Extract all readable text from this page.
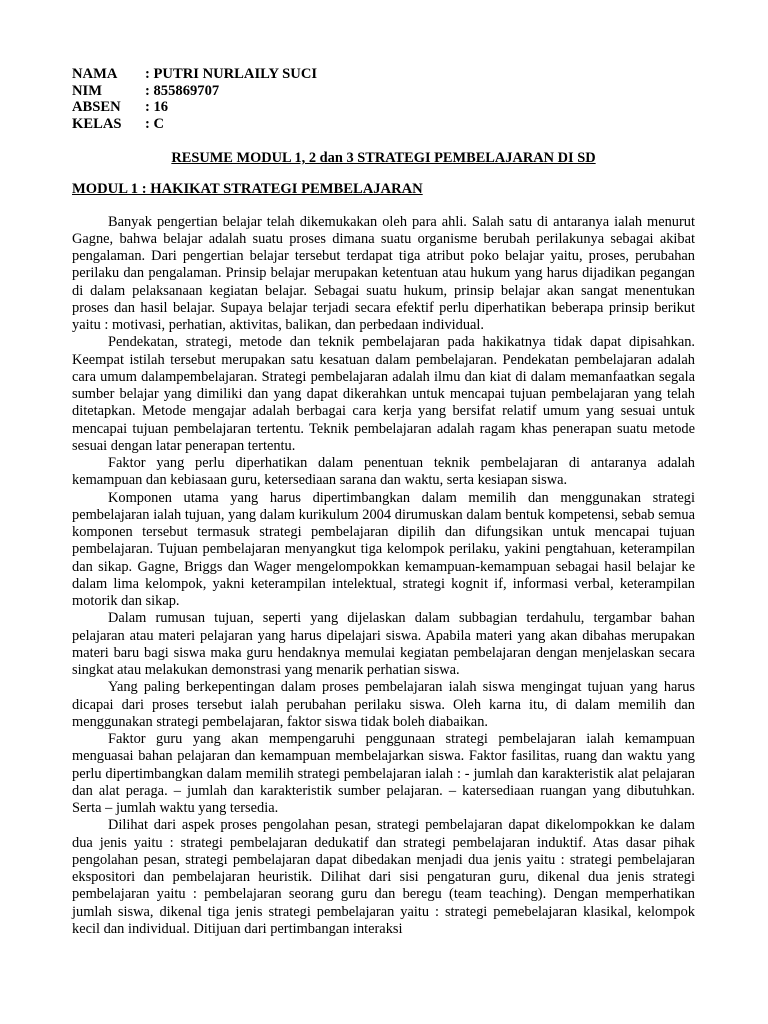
NAMA	: PUTRI NURLAILY SUCI
NIM	: 855869707
ABSEN	: 16
KELAS	: C
RESUME MODUL 1, 2 dan 3 STRATEGI PEMBELAJARAN DI SD
MODUL 1 : HAKIKAT STRATEGI PEMBELAJARAN

Banyak pengertian belajar telah dikemukakan oleh para ahli. Salah satu di antaranya ialah menurut Gagne, bahwa belajar adalah suatu proses dimana suatu organisme berubah perilakunya sebagai akibat pengalaman. Dari pengertian belajar tersebut terdapat tiga atribut poko belajar yaitu, proses, perubahan perilaku dan pengalaman. Prinsip belajar merupakan ketentuan atau hukum yang harus dijadikan pegangan di dalam pelaksanaan kegiatan belajar. Sebagai suatu hukum, prinsip belajar akan sangat menentukan proses dan hasil belajar. Supaya belajar terjadi secara efektif perlu diperhatikan beberapa prinsip berikut yaitu : motivasi, perhatian, aktivitas, balikan, dan perbedaan individual.

Pendekatan, strategi, metode dan teknik pembelajaran pada hakikatnya tidak dapat dipisahkan. Keempat istilah tersebut merupakan satu kesatuan dalam pembelajaran. Pendekatan pembelajaran adalah cara umum dalampembelajaran. Strategi pembelajaran adalah ilmu dan kiat di dalam memanfaatkan segala sumber belajar yang dimiliki dan yang dapat dikerahkan untuk mencapai tujuan pembelajaran yang telah ditetapkan. Metode mengajar adalah berbagai cara kerja yang bersifat relatif umum yang sesuai untuk mencapai tujuan pembelajaran tertentu. Teknik pembelajaran adalah ragam khas penerapan suatu metode sesuai dengan latar penerapan tertentu.

Faktor yang perlu diperhatikan dalam penentuan teknik pembelajaran di antaranya adalah kemampuan dan kebiasaan guru, ketersediaan sarana dan waktu, serta kesiapan siswa.

Komponen utama yang harus dipertimbangkan dalam memilih dan menggunakan strategi pembelajaran ialah tujuan, yang dalam kurikulum 2004 dirumuskan dalam bentuk kompetensi, sebab semua komponen tersebut termasuk strategi pembelajaran dipilih dan difungsikan untuk mencapai tujuan pembelajaran. Tujuan pembelajaran menyangkut tiga kelompok perilaku, yakini pengtahuan, keterampilan dan sikap. Gagne, Briggs dan Wager mengelompokkan kemampuan-kemampuan sebagai hasil belajar ke dalam lima kelompok, yakni keterampilan intelektual, strategi kognit if, informasi verbal, keterampilan motorik dan sikap.

Dalam rumusan tujuan, seperti yang dijelaskan dalam subbagian terdahulu, tergambar bahan pelajaran atau materi pelajaran yang harus dipelajari siswa. Apabila materi yang akan dibahas merupakan materi baru bagi siswa maka guru hendaknya memulai kegiatan pembelajaran dengan menjelaskan secara singkat atau melakukan demonstrasi yang menarik perhatian siswa.

Yang paling berkepentingan dalam proses pembelajaran ialah siswa mengingat tujuan yang harus dicapai dari proses tersebut ialah perubahan perilaku siswa. Oleh karna itu, di dalam memilih dan menggunakan strategi pembelajaran, faktor siswa tidak boleh diabaikan.

Faktor guru yang akan mempengaruhi penggunaan strategi pembelajaran ialah kemampuan menguasai bahan pelajaran dan kemampuan membelajarkan siswa. Faktor fasilitas, ruang dan waktu yang perlu dipertimbangkan dalam memilih strategi pembelajaran ialah : - jumlah dan karakteristik alat pelajaran dan alat peraga. – jumlah dan karakteristik sumber pelajaran. – katersediaan ruangan yang dibutuhkan. Serta – jumlah waktu yang tersedia.

Dilihat dari aspek proses pengolahan pesan, strategi pembelajaran dapat dikelompokkan ke dalam dua jenis yaitu : strategi pembelajaran dedukatif dan strategi pembelajaran induktif. Atas dasar pihak pengolahan pesan, strategi pembelajaran dapat dibedakan menjadi dua jenis yaitu : strategi pembelajaran ekspositori dan pembelajaran heuristik. Dilihat dari sisi pengaturan guru, dikenal dua jenis strategi pembelajaran yaitu : pembelajaran seorang guru dan beregu (team teaching). Dengan memperhatikan jumlah siswa, dikenal tiga jenis strategi pembelajaran yaitu : strategi pemebelajaran klasikal, kelompok kecil dan individual. Ditijuan dari pertimbangan interaksi
